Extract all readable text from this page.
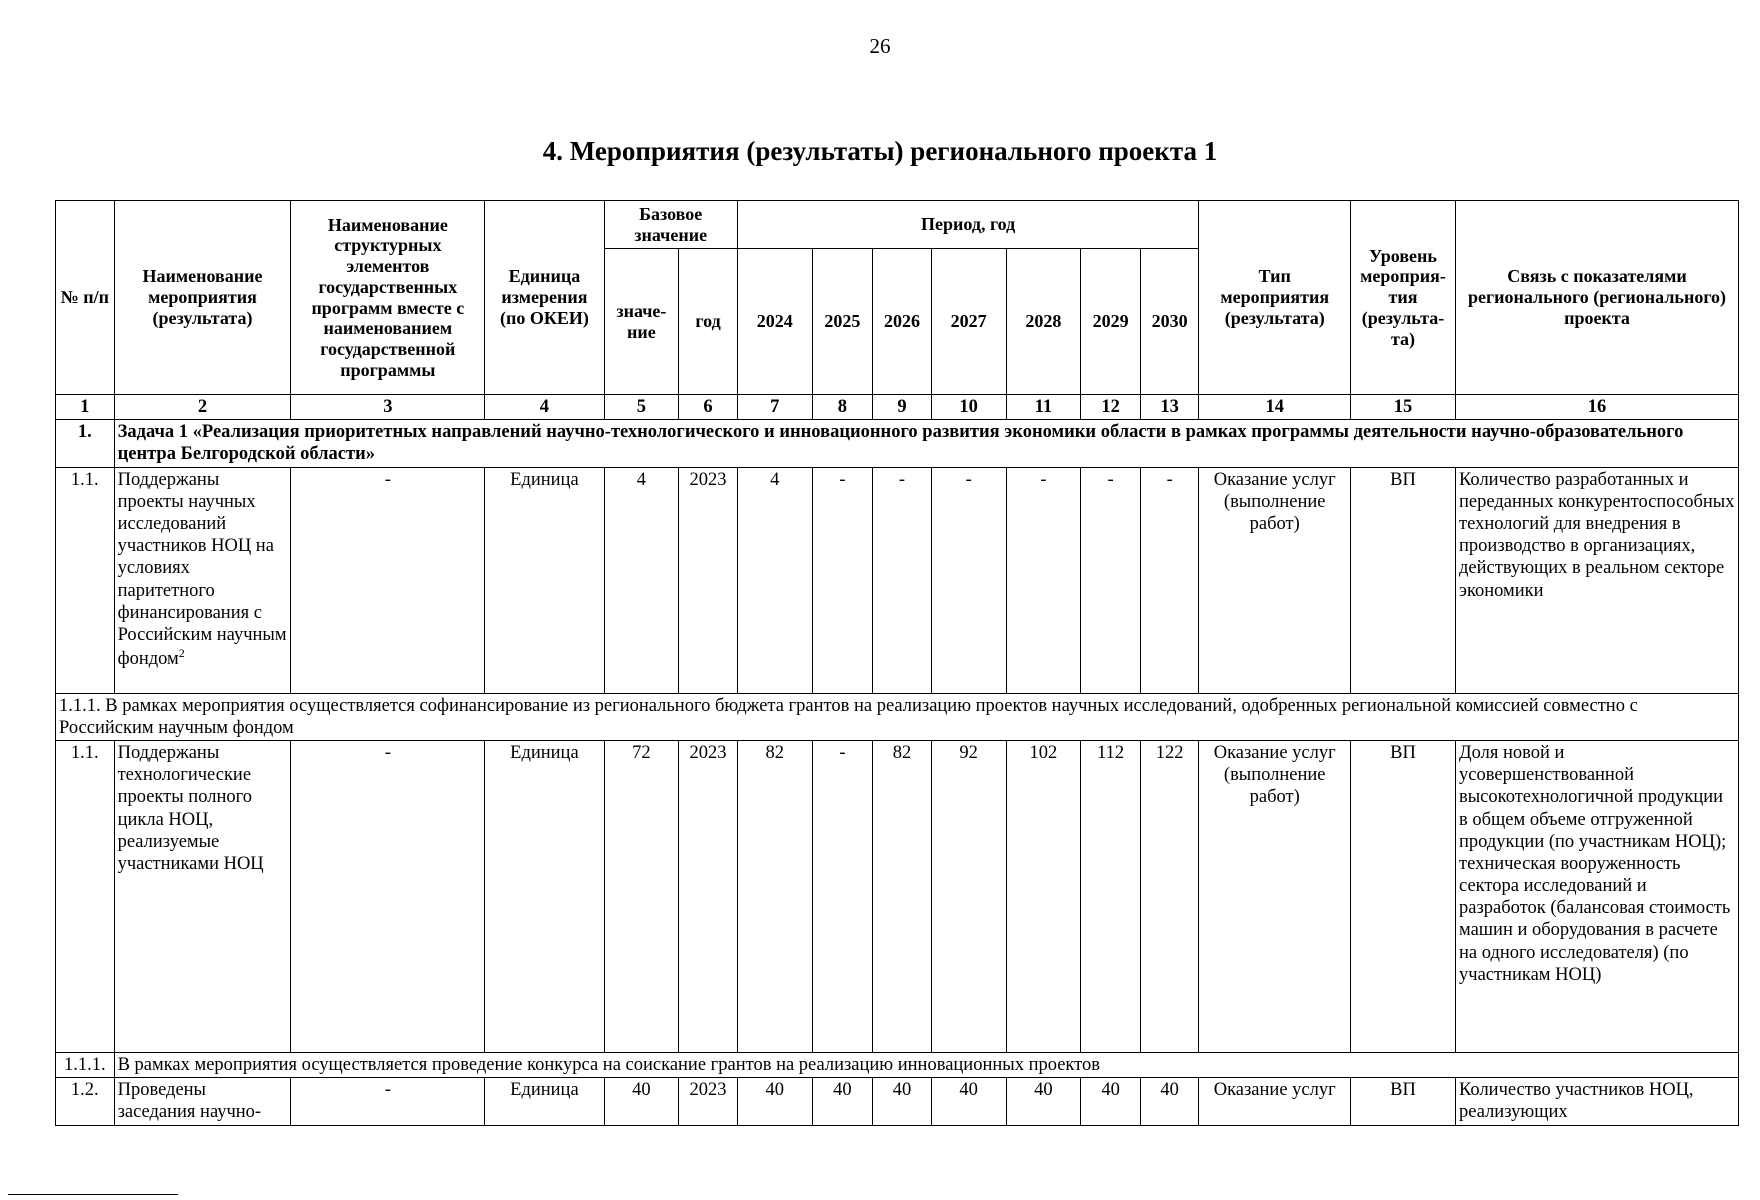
26
4. Мероприятия (результаты) регионального проекта 1
№ п/п	Наименование мероприятия (результата)	Наименование структурных элементов государственных программ вместе с наименованием государственной программы	Единица измерения (по ОКЕИ)	Базовое значение		Период, год							Тип мероприятия (результата)	Уровень мероприя-тия (результа-та)	Связь с показателями регионального (регионального) проекта
				значе-ние	год	2024	2025	2026	2027	2028	2029	2030			
1	2	3	4	5	6	7	8	9	10	11	12	13	14	15	16
1.	Задача 1 «Реализация приоритетных направлений научно-технологического и инновационного развития экономики области в рамках программы деятельности научно-образовательного центра Белгородской области»														
1.1.	Поддержаны проекты научных исследований участников НОЦ на условиях паритетного финансирования с Российским научным фондом$^2$	-	Единица	4	2023	4	-	-	-	-	-	-	Оказание услуг (выполнение работ)	ВП	Количество разработанных и переданных конкурентоспособных технологий для внедрения в производство в организациях, действующих в реальном секторе экономики
1.1.1. В рамках мероприятия осуществляется софинансирование из регионального бюджета грантов на реализацию проектов научных исследований, одобренных региональной комиссией совместно с Российским научным фондом															
1.1.	Поддержаны технологические проекты полного цикла НОЦ, реализуемые участниками НОЦ	-	Единица	72	2023	82	-	82	92	102	112	122	Оказание услуг (выполнение работ)	ВП	Доля новой и усовершенствованной высокотехнологичной продукции в общем объеме отгруженной продукции (по участникам НОЦ); техническая вооруженность сектора исследований и разработок (балансовая стоимость машин и оборудования в расчете на одного исследователя) (по участникам НОЦ)
1.1.1.	В рамках мероприятия осуществляется проведение конкурса на соискание грантов на реализацию инновационных проектов														
1.2.	Проведены заседания научно-	-	Единица	40	2023	40	40	40	40	40	40	40	Оказание услуг	ВП	Количество участников НОЦ, реализующих
